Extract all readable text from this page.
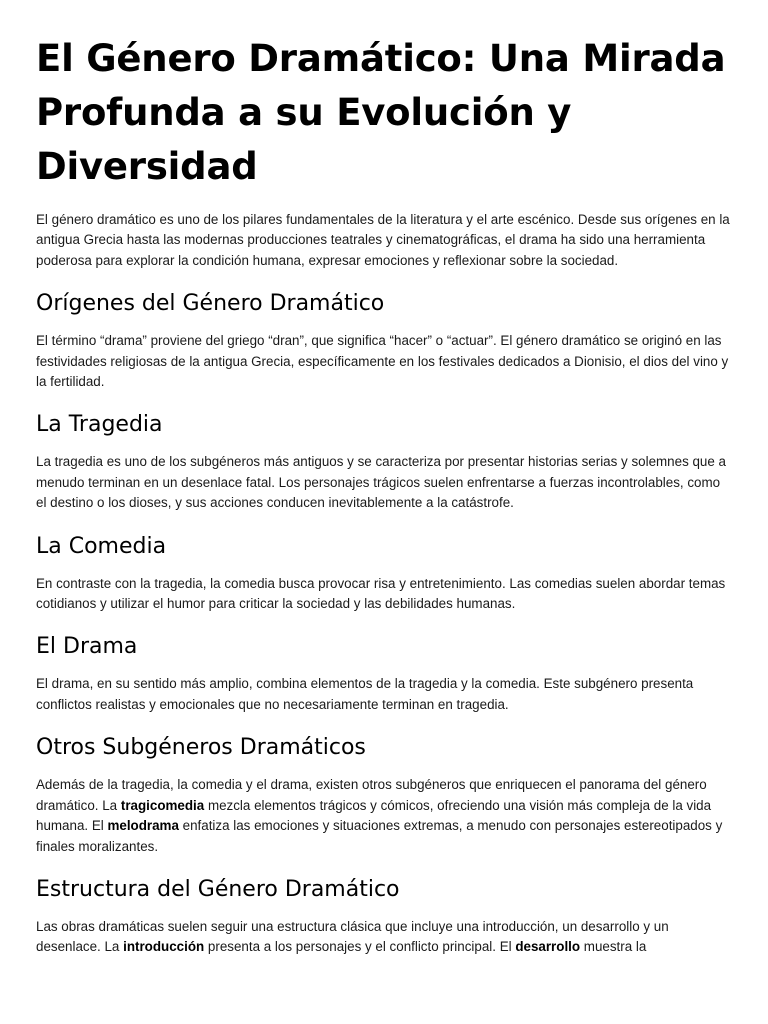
El Género Dramático: Una Mirada Profunda a su Evolución y Diversidad

El género dramático es uno de los pilares fundamentales de la literatura y el arte escénico. Desde sus orígenes en la antigua Grecia hasta las modernas producciones teatrales y cinematográficas, el drama ha sido una herramienta poderosa para explorar la condición humana, expresar emociones y reflexionar sobre la sociedad.

Orígenes del Género Dramático

El término “drama” proviene del griego “dran”, que significa “hacer” o “actuar”. El género dramático se originó en las festividades religiosas de la antigua Grecia, específicamente en los festivales dedicados a Dionisio, el dios del vino y la fertilidad.

La Tragedia

La tragedia es uno de los subgéneros más antiguos y se caracteriza por presentar historias serias y solemnes que a menudo terminan en un desenlace fatal. Los personajes trágicos suelen enfrentarse a fuerzas incontrolables, como el destino o los dioses, y sus acciones conducen inevitablemente a la catástrofe.

La Comedia

En contraste con la tragedia, la comedia busca provocar risa y entretenimiento. Las comedias suelen abordar temas cotidianos y utilizar el humor para criticar la sociedad y las debilidades humanas.

El Drama

El drama, en su sentido más amplio, combina elementos de la tragedia y la comedia. Este subgénero presenta conflictos realistas y emocionales que no necesariamente terminan en tragedia.

Otros Subgéneros Dramáticos

Además de la tragedia, la comedia y el drama, existen otros subgéneros que enriquecen el panorama del género dramático. La tragicomedia mezcla elementos trágicos y cómicos, ofreciendo una visión más compleja de la vida humana. El melodrama enfatiza las emociones y situaciones extremas, a menudo con personajes estereotipados y finales moralizantes.

Estructura del Género Dramático

Las obras dramáticas suelen seguir una estructura clásica que incluye una introducción, un desarrollo y un desenlace. La introducción presenta a los personajes y el conflicto principal. El desarrollo muestra la
